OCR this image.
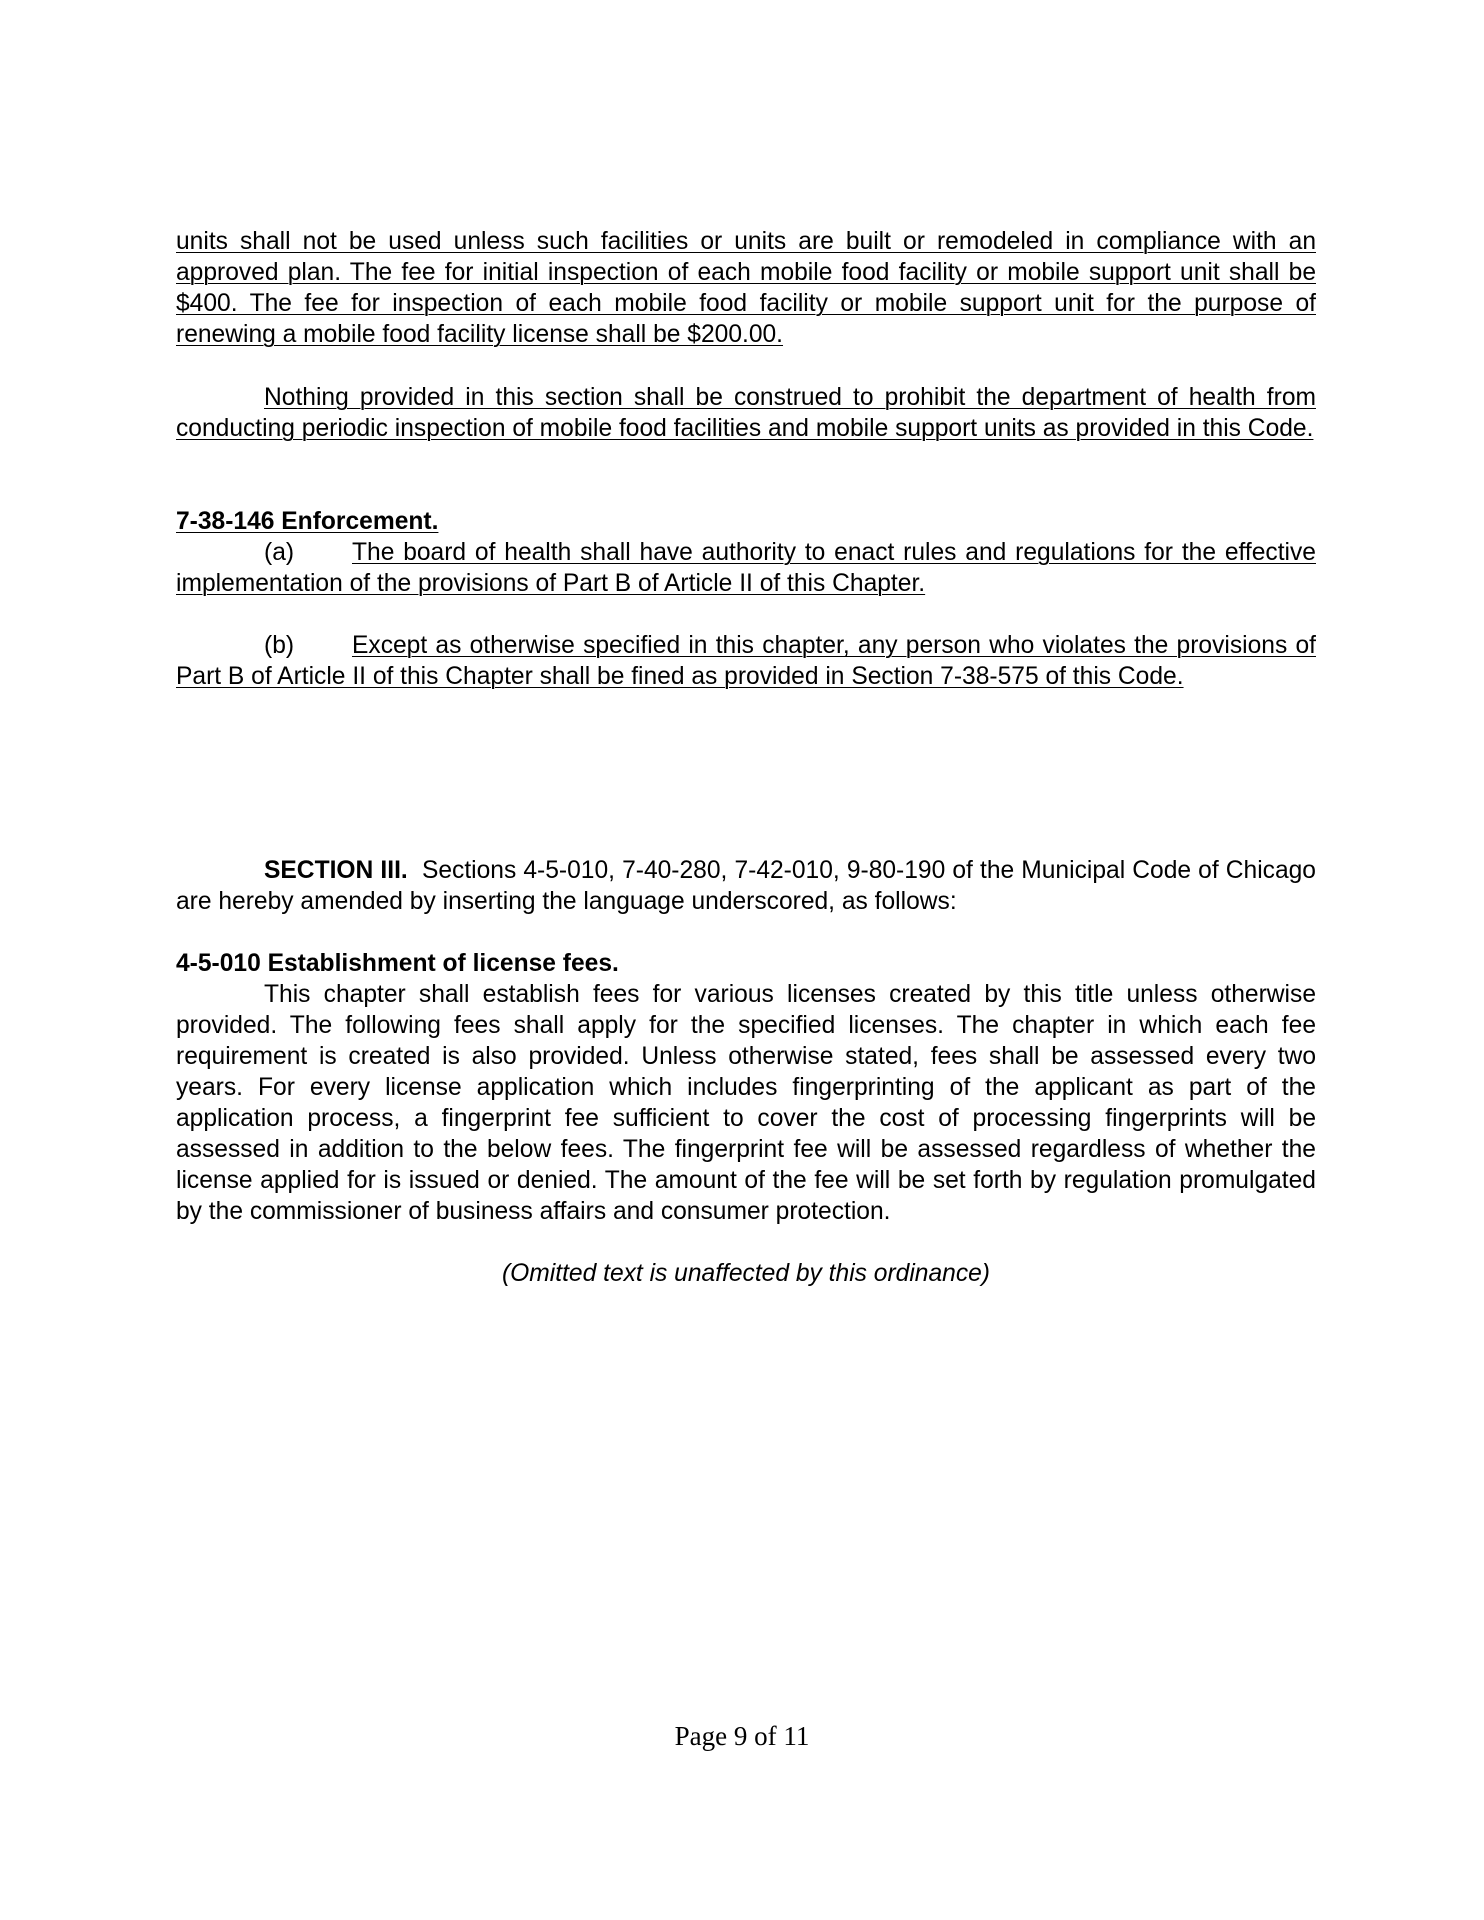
units shall not be used unless such facilities or units are built or remodeled in compliance with an approved plan. The fee for initial inspection of each mobile food facility or mobile support unit shall be $400. The fee for inspection of each mobile food facility or mobile support unit for the purpose of renewing a mobile food facility license shall be $200.00.

Nothing provided in this section shall be construed to prohibit the department of health from conducting periodic inspection of mobile food facilities and mobile support units as provided in this Code.

7-38-146 Enforcement.

(a) The board of health shall have authority to enact rules and regulations for the effective implementation of the provisions of Part B of Article II of this Chapter.

(b) Except as otherwise specified in this chapter, any person who violates the provisions of Part B of Article II of this Chapter shall be fined as provided in Section 7-38-575 of this Code.

SECTION III. Sections 4-5-010, 7-40-280, 7-42-010, 9-80-190 of the Municipal Code of Chicago are hereby amended by inserting the language underscored, as follows:

4-5-010 Establishment of license fees.

This chapter shall establish fees for various licenses created by this title unless otherwise provided. The following fees shall apply for the specified licenses. The chapter in which each fee requirement is created is also provided. Unless otherwise stated, fees shall be assessed every two years. For every license application which includes fingerprinting of the applicant as part of the application process, a fingerprint fee sufficient to cover the cost of processing fingerprints will be assessed in addition to the below fees. The fingerprint fee will be assessed regardless of whether the license applied for is issued or denied. The amount of the fee will be set forth by regulation promulgated by the commissioner of business affairs and consumer protection.

(Omitted text is unaffected by this ordinance)

Page 9 of 11
